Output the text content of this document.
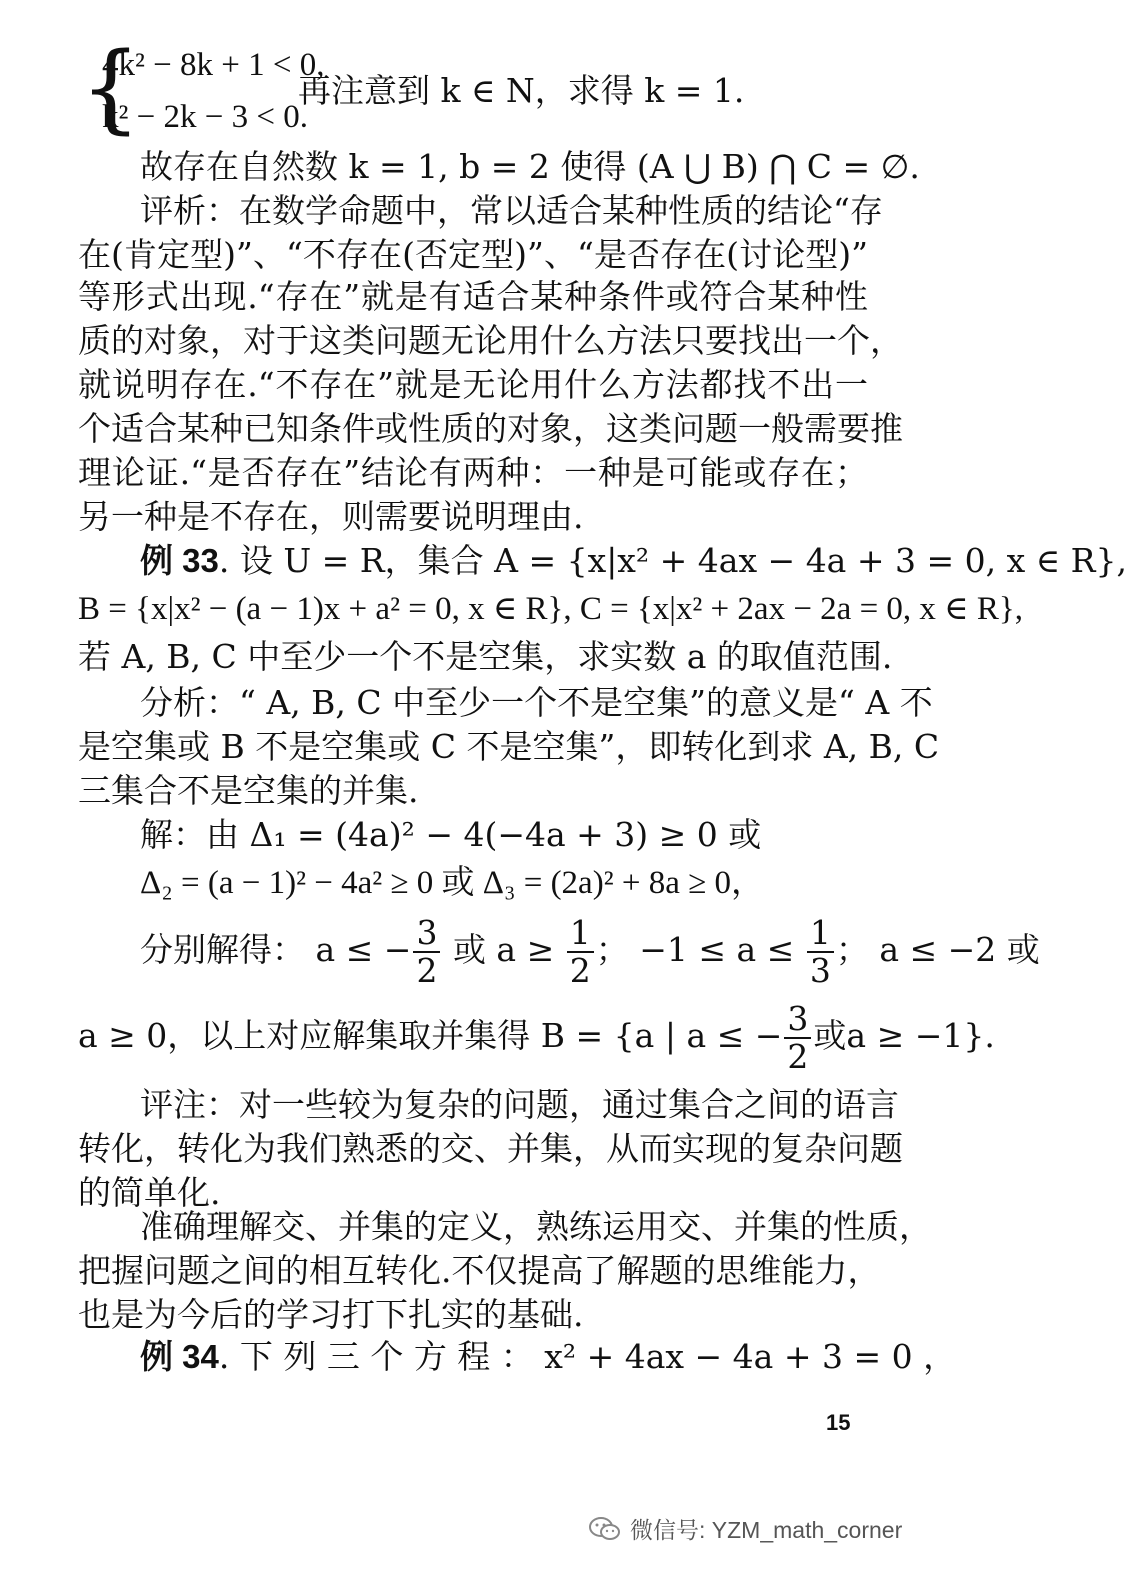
{
4k² − 8k + 1 < 0,
k² − 2k − 3 < 0.
再注意到 k ∈ N，求得 k = 1.
故存在自然数 k = 1, b = 2 使得 (A ⋃ B) ⋂ C = ∅.
评析：在数学命题中，常以适合某种性质的结论“存
在(肯定型)”、“不存在(否定型)”、“是否存在(讨论型)”
等形式出现.“存在”就是有适合某种条件或符合某种性
质的对象，对于这类问题无论用什么方法只要找出一个，
就说明存在.“不存在”就是无论用什么方法都找不出一
个适合某种已知条件或性质的对象，这类问题一般需要推
理论证.“是否存在”结论有两种：一种是可能或存在；
另一种是不存在，则需要说明理由.
例 33. 设 U = R，集合 A = {x|x² + 4ax − 4a + 3 = 0, x ∈ R},
B = {x|x² − (a − 1)x + a² = 0, x ∈ R}, C = {x|x² + 2ax − 2a = 0, x ∈ R},
若 A, B, C 中至少一个不是空集，求实数 a 的取值范围.
分析：“ A, B, C 中至少一个不是空集”的意义是“ A 不
是空集或 B 不是空集或 C 不是空集”，即转化到求 A, B, C
三集合不是空集的并集.
解：由 Δ₁ = (4a)² − 4(−4a + 3) ≥ 0 或
Δ₂ = (a − 1)² − 4a² ≥ 0 或 Δ₃ = (2a)² + 8a ≥ 0，
分别解得： a ≤ − $\frac{3}{2}$ 或 $a \ge \frac{1}{2}$ ； $-1 \le a \le \frac{1}{3}$ ； a ≤ −2 或
a ≥ 0，以上对应解集取并集得 B = {a | a ≤ − $\frac{3}{2}$ 或a ≥ −1}.
评注：对一些较为复杂的问题，通过集合之间的语言
转化，转化为我们熟悉的交、并集，从而实现的复杂问题
的简单化.
准确理解交、并集的定义，熟练运用交、并集的性质，
把握问题之间的相互转化.不仅提高了解题的思维能力，
也是为今后的学习打下扎实的基础.
例 34. 下 列 三 个 方 程 ： x² + 4ax − 4a + 3 = 0 ，
15
微信号: YZM_math_corner
